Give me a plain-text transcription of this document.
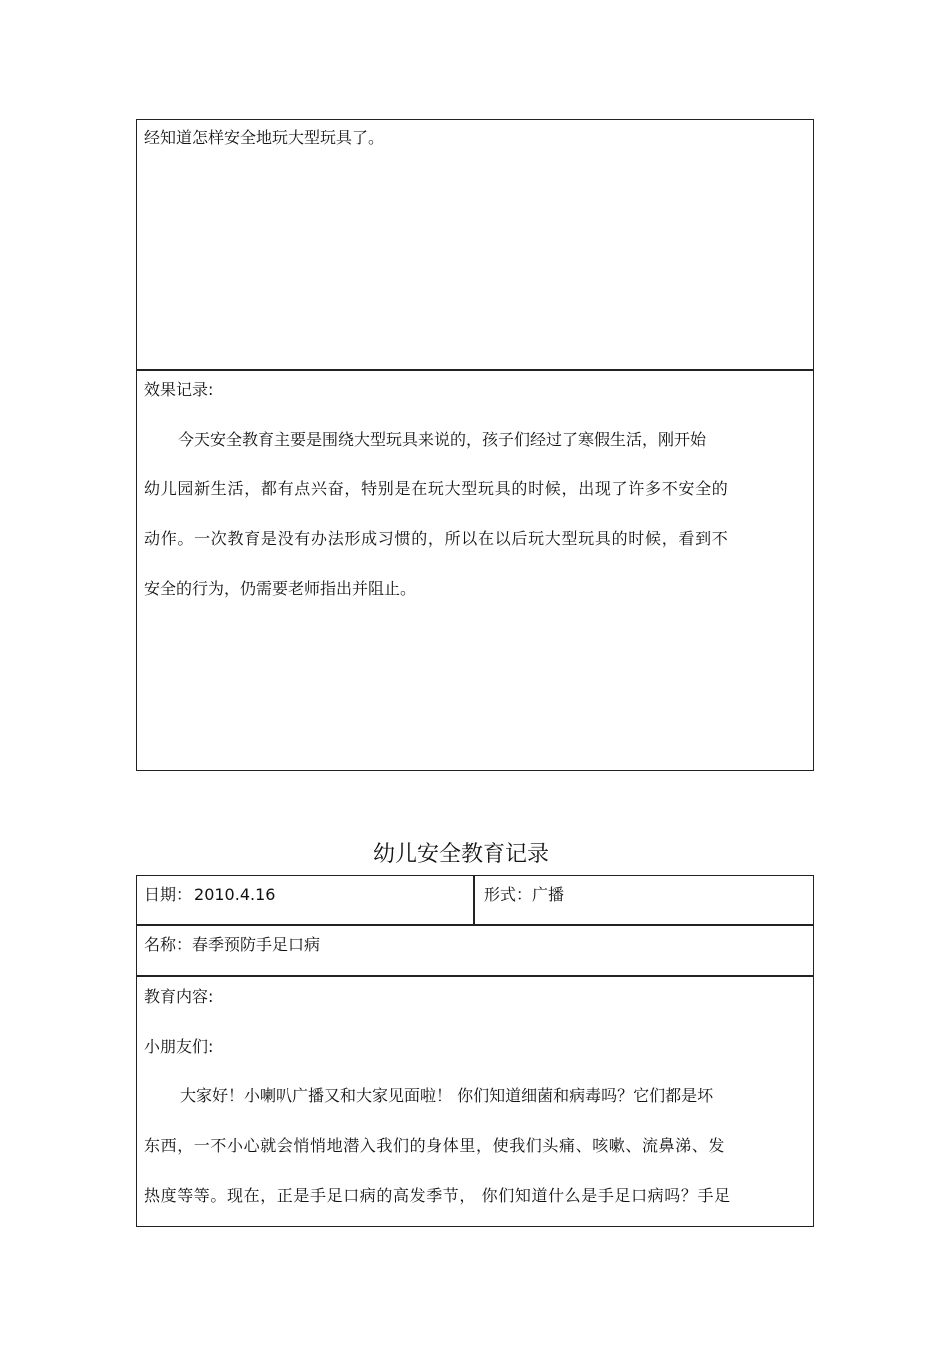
经知道怎样安全地玩大型玩具了。
效果记录:
今天安全教育主要是围绕大型玩具来说的，孩子们经过了寒假生活，刚开始
幼儿园新生活，都有点兴奋，特别是在玩大型玩具的时候，出现了许多不安全的
动作。一次教育是没有办法形成习惯的，所以在以后玩大型玩具的时候，看到不
安全的行为，仍需要老师指出并阻止。
幼儿安全教育记录
日期： 2010.4.16	形式：广播
名称：春季预防手足口病
教育内容:
小朋友们:
大家好！小喇叭广播又和大家见面啦！ 你们知道细菌和病毒吗？它们都是坏
东西，一不小心就会悄悄地潜入我们的身体里，使我们头痛、咳嗽、流鼻涕、发
热度等等。现在，正是手足口病的高发季节， 你们知道什么是手足口病吗？手足
